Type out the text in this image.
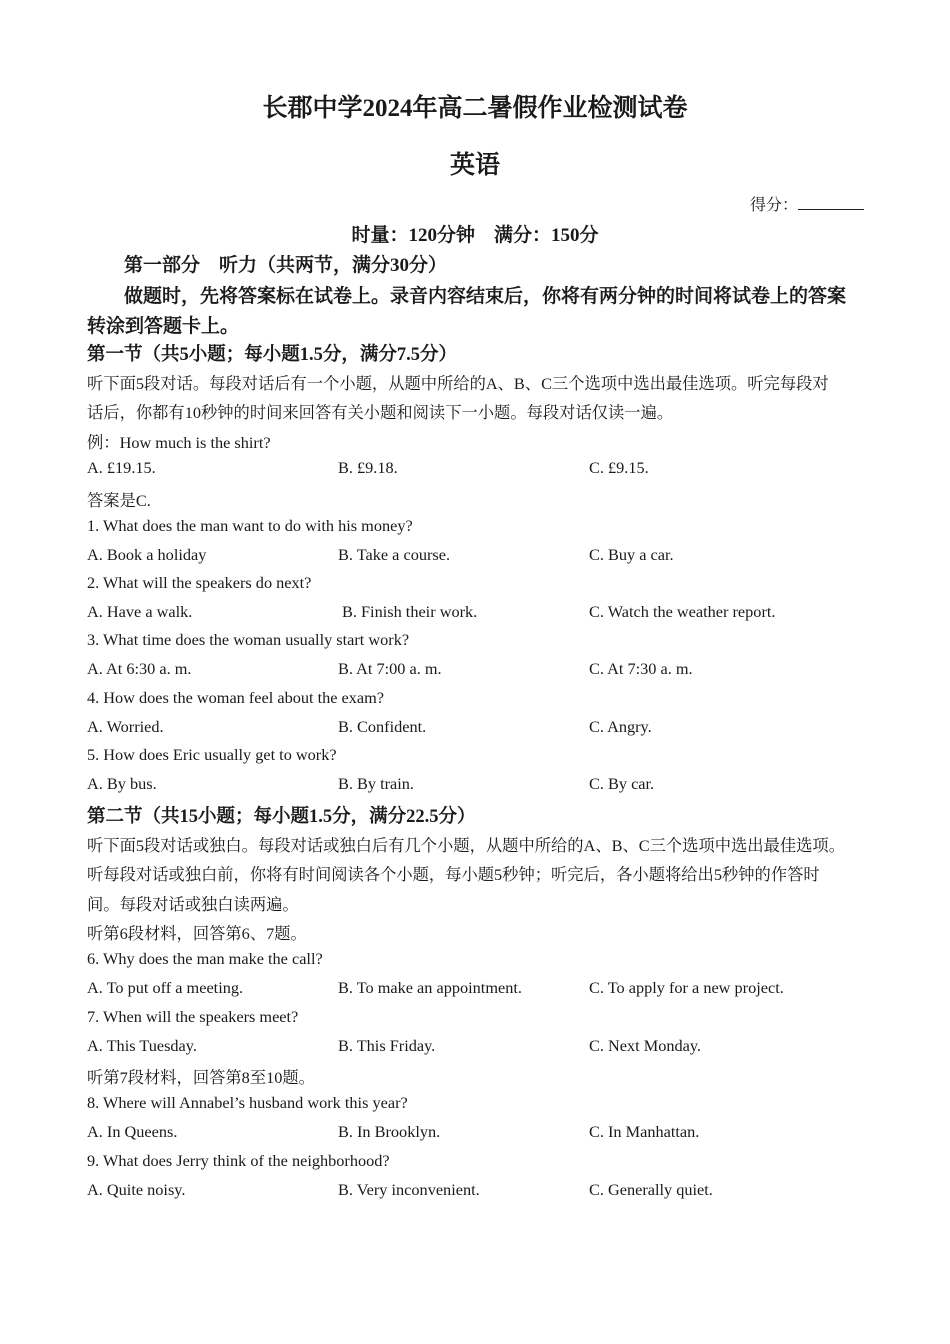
长郡中学2024年高二暑假作业检测试卷
英语
得分：
时量：120分钟　满分：150分
第一部分　听力（共两节，满分30分）
做题时，先将答案标在试卷上。录音内容结束后，你将有两分钟的时间将试卷上的答案
转涂到答题卡上。
第一节（共5小题；每小题1.5分，满分7.5分）
听下面5段对话。每段对话后有一个小题，从题中所给的A、B、C三个选项中选出最佳选项。听完每段对
话后，你都有10秒钟的时间来回答有关小题和阅读下一小题。每段对话仅读一遍。
例：How much is the shirt?
A. £19.15.	B. £9.18.	C. £9.15.
答案是C.
1. What does the man want to do with his money?
A. Book a holiday	B. Take a course.	C. Buy a car.
2. What will the speakers do next?
A. Have a walk.	B. Finish their work.	C. Watch the weather report.
3. What time does the woman usually start work?
A. At 6:30 a. m.	B. At 7:00 a. m.	C. At 7:30 a. m.
4. How does the woman feel about the exam?
A. Worried.	B. Confident.	C. Angry.
5. How does Eric usually get to work?
A. By bus.	B. By train.	C. By car.
第二节（共15小题；每小题1.5分，满分22.5分）
听下面5段对话或独白。每段对话或独白后有几个小题，从题中所给的A、B、C三个选项中选出最佳选项。
听每段对话或独白前，你将有时间阅读各个小题，每小题5秒钟；听完后，各小题将给出5秒钟的作答时
间。每段对话或独白读两遍。
听第6段材料，回答第6、7题。
6. Why does the man make the call?
A. To put off a meeting.	B. To make an appointment.	C. To apply for a new project.
7. When will the speakers meet?
A. This Tuesday.	B. This Friday.	C. Next Monday.
听第7段材料，回答第8至10题。
8. Where will Annabel’s husband work this year?
A. In Queens.	B. In Brooklyn.	C. In Manhattan.
9. What does Jerry think of the neighborhood?
A. Quite noisy.	B. Very inconvenient.	C. Generally quiet.
